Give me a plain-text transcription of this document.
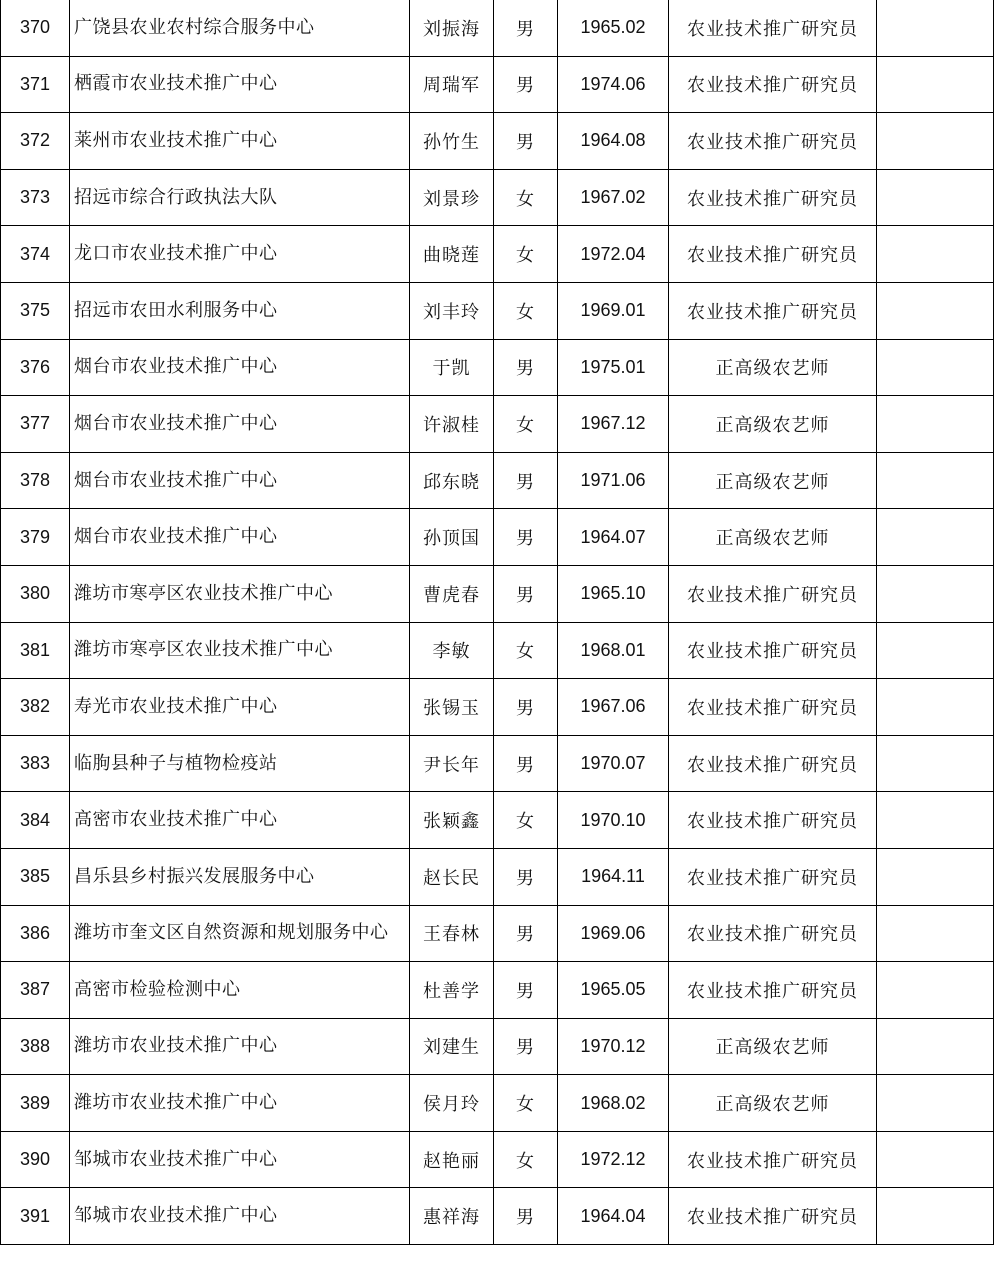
370	广饶县农业农村综合服务中心	刘振海	男	1965.02	农业技术推广研究员	
371	栖霞市农业技术推广中心	周瑞军	男	1974.06	农业技术推广研究员	
372	莱州市农业技术推广中心	孙竹生	男	1964.08	农业技术推广研究员	
373	招远市综合行政执法大队	刘景珍	女	1967.02	农业技术推广研究员	
374	龙口市农业技术推广中心	曲晓莲	女	1972.04	农业技术推广研究员	
375	招远市农田水利服务中心	刘丰玲	女	1969.01	农业技术推广研究员	
376	烟台市农业技术推广中心	于凯	男	1975.01	正高级农艺师	
377	烟台市农业技术推广中心	许淑桂	女	1967.12	正高级农艺师	
378	烟台市农业技术推广中心	邱东晓	男	1971.06	正高级农艺师	
379	烟台市农业技术推广中心	孙顶国	男	1964.07	正高级农艺师	
380	潍坊市寒亭区农业技术推广中心	曹虎春	男	1965.10	农业技术推广研究员	
381	潍坊市寒亭区农业技术推广中心	李敏	女	1968.01	农业技术推广研究员	
382	寿光市农业技术推广中心	张锡玉	男	1967.06	农业技术推广研究员	
383	临朐县种子与植物检疫站	尹长年	男	1970.07	农业技术推广研究员	
384	高密市农业技术推广中心	张颖鑫	女	1970.10	农业技术推广研究员	
385	昌乐县乡村振兴发展服务中心	赵长民	男	1964.11	农业技术推广研究员	
386	潍坊市奎文区自然资源和规划服务中心	王春林	男	1969.06	农业技术推广研究员	
387	高密市检验检测中心	杜善学	男	1965.05	农业技术推广研究员	
388	潍坊市农业技术推广中心	刘建生	男	1970.12	正高级农艺师	
389	潍坊市农业技术推广中心	侯月玲	女	1968.02	正高级农艺师	
390	邹城市农业技术推广中心	赵艳丽	女	1972.12	农业技术推广研究员	
391	邹城市农业技术推广中心	惠祥海	男	1964.04	农业技术推广研究员	
